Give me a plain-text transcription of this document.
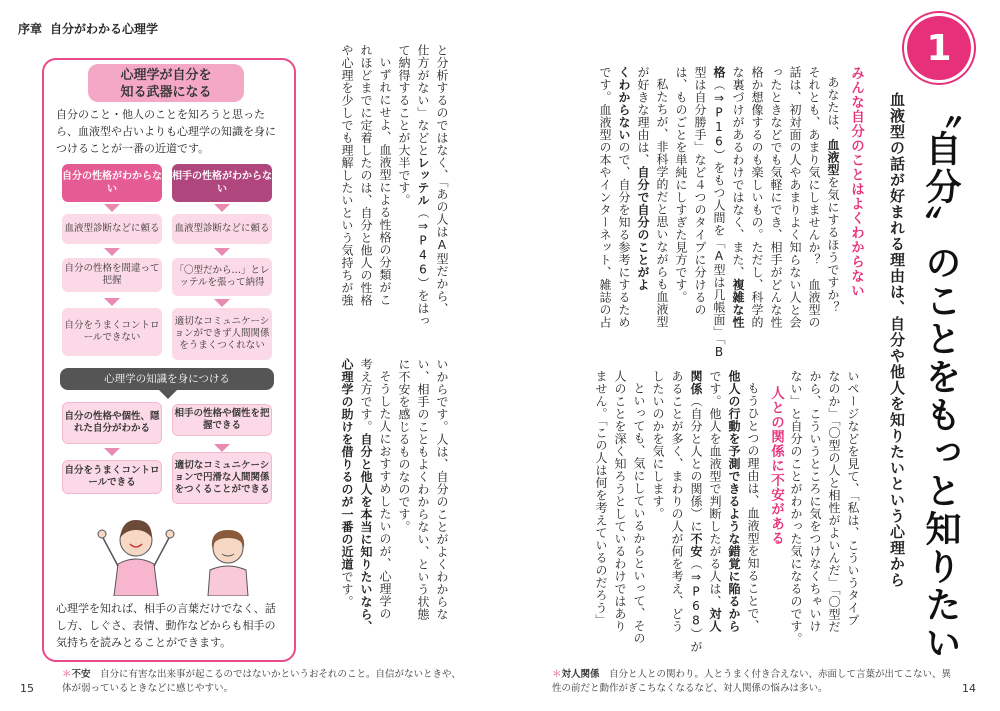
序章 自分がわかる心理学
心理学が自分を
知る武器になる
自分のこと・他人のことを知ろうと思ったら、血液型や占いよりも心理学の知識を身につけることが一番の近道です。
自分の性格がわからない
相手の性格がわからない
血液型診断などに頼る 血液型診断などに頼る
自分の性格を間違って把握
「〇型だから…」とレッテルを張って納得
自分をうまくコントロールできない
適切なコミュニケーションができず人間関係をうまくつくれない
心理学の知識を身につける
自分の性格や個性、隠れた自分がわかる
相手の性格や個性を把握できる
自分をうまくコントロールできる
適切なコミュニケーションで円滑な人間関係をつくることができる
心理学を知れば、相手の言葉だけでなく、話し方、しぐさ、表情、動作などからも相手の気持ちを読みとることができます。
と分析するのではなく、「あの人はA型だから、
仕方がない」などとレッテル（⇒P46）をはっ
て納得することが大半です。
いずれにせよ、血液型による性格の分類がこ
れほどまでに定着したのは、自分と他人の性格
や心理を少しでも理解したいという気持ちが強
いからです。人は、自分のことがよくわからな
い、相手のこともよくわからない、という状態
に不安を感じるものなのです。
そうした人におすすめしたいのが、心理学の
考え方です。自分と他人を本当に知りたいなら、
心理学の助けを借りるのが一番の近道です。
1
〝自分〟のことをもっと知りたい
血液型の話が好まれる理由は、自分や他人を知りたいという心理から
みんな自分のことはよくわからない
あなたは、血液型を気にするほうですか？
それとも、あまり気にしませんか？　血液型の
話は、初対面の人やあまりよく知らない人と会
ったときなどでも気軽にでき、相手がどんな性
格か想像するのも楽しいもの。ただし、科学的
な裏づけがあるわけではなく、また、複雑な性
格（⇒P16）をもつ人間を「A型は几帳面」「B
型は自分勝手」など４つのタイプに分けるの
は、ものごとを単純にしすぎた見方です。
私たちが、非科学的だと思いながらも血液型
が好きな理由は、自分で自分のことがよ
くわからないので、自分を知る参考にするため
です。血液型の本やインターネット、雑誌の占
いページなどを見て、「私は、こういうタイプ
なのか」「〇型の人と相性がよいんだ」「〇型だ
から、こういうところに気をつけなくちゃいけ
ない」と自分のことがわかった気になるのです。
人との関係に不安がある
もうひとつの理由は、血液型を知ることで、
他人の行動を予測できるような錯覚に陥るから
です。他人を血液型で判断したがる人は、対人
関係（自分と人との関係）に不安（⇒P68）が
あることが多く、まわりの人が何を考え、どう
したいのかを気にします。
といっても、気にしているからといって、その
人のことを深く知ろうとしているわけではあり
ません。「この人は何を考えているのだろう」
＊不安　 自分に有害な出来事が起こるのではないかというおそれのこと。自信がないときや、体が弱っているときなどに感じやすい。
＊対人関係　 自分と人との関わり。人とうまく付き合えない、赤面して言葉が出てこない、異性の前だと動作がぎこちなくなるなど、対人関係の悩みは多い。
15	14
